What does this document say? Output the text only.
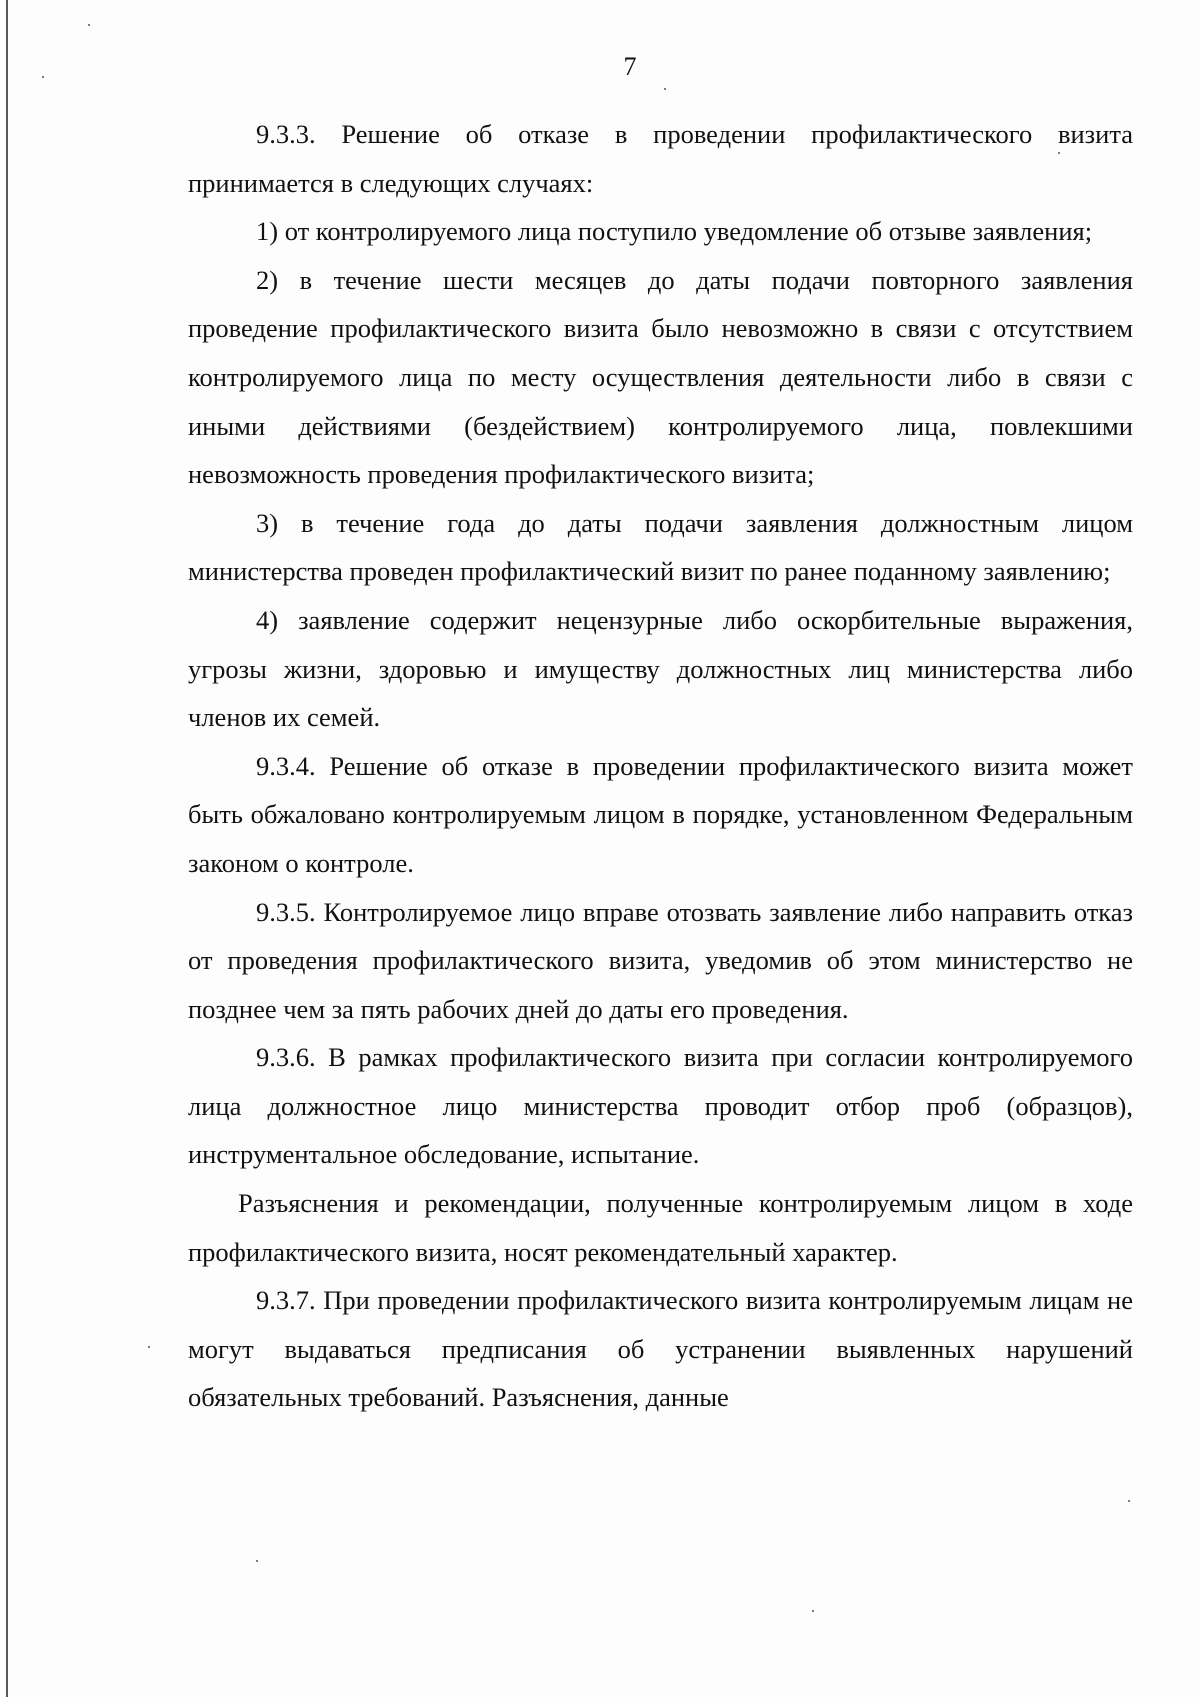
7

9.3.3. Решение об отказе в проведении профилактического визита принимается в следующих случаях:

1) от контролируемого лица поступило уведомление об отзыве заявления;

2) в течение шести месяцев до даты подачи повторного заявления проведение профилактического визита было невозможно в связи с отсутствием контролируемого лица по месту осуществления деятельности либо в связи с иными действиями (бездействием) контролируемого лица, повлекшими невозможность проведения профилактического визита;

3) в течение года до даты подачи заявления должностным лицом министерства проведен профилактический визит по ранее поданному заявлению;

4) заявление содержит нецензурные либо оскорбительные выражения, угрозы жизни, здоровью и имуществу должностных лиц министерства либо членов их семей.

9.3.4. Решение об отказе в проведении профилактического визита может быть обжаловано контролируемым лицом в порядке, установленном Федеральным законом о контроле.

9.3.5. Контролируемое лицо вправе отозвать заявление либо направить отказ от проведения профилактического визита, уведомив об этом министерство не позднее чем за пять рабочих дней до даты его проведения.

9.3.6. В рамках профилактического визита при согласии контролируемого лица должностное лицо министерства проводит отбор проб (образцов), инструментальное обследование, испытание.

Разъяснения и рекомендации, полученные контролируемым лицом в ходе профилактического визита, носят рекомендательный характер.

9.3.7. При проведении профилактического визита контролируемым лицам не могут выдаваться предписания об устранении выявленных нарушений обязательных требований. Разъяснения, данные
